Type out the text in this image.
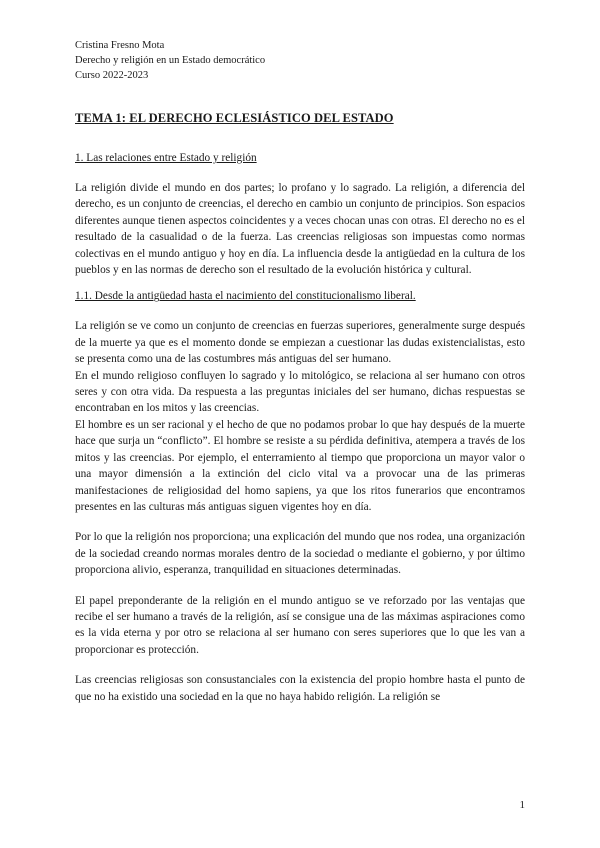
Cristina Fresno Mota
Derecho y religión en un Estado democrático
Curso 2022-2023
TEMA 1: EL DERECHO ECLESIÁSTICO DEL ESTADO
1. Las relaciones entre Estado y religión

La religión divide el mundo en dos partes; lo profano y lo sagrado. La religión, a diferencia del derecho, es un conjunto de creencias, el derecho en cambio un conjunto de principios. Son espacios diferentes aunque tienen aspectos coincidentes y a veces chocan unas con otras. El derecho no es el resultado de la casualidad o de la fuerza. Las creencias religiosas son impuestas como normas colectivas en el mundo antiguo y hoy en día. La influencia desde la antigüedad en la cultura de los pueblos y en las normas de derecho son el resultado de la evolución histórica y cultural.

1.1. Desde la antigüedad hasta el nacimiento del constitucionalismo liberal.

La religión se ve como un conjunto de creencias en fuerzas superiores, generalmente surge después de la muerte ya que es el momento donde se empiezan a cuestionar las dudas existencialistas, esto se presenta como una de las costumbres más antiguas del ser humano.

En el mundo religioso confluyen lo sagrado y lo mitológico, se relaciona al ser humano con otros seres y con otra vida. Da respuesta a las preguntas iniciales del ser humano, dichas respuestas se encontraban en los mitos y las creencias.

El hombre es un ser racional y el hecho de que no podamos probar lo que hay después de la muerte hace que surja un “conflicto”. El hombre se resiste a su pérdida definitiva, atempera a través de los mitos y las creencias. Por ejemplo, el enterramiento al tiempo que proporciona un mayor valor o una mayor dimensión a la extinción del ciclo vital va a provocar una de las primeras manifestaciones de religiosidad del homo sapiens, ya que los ritos funerarios que encontramos presentes en las culturas más antiguas siguen vigentes hoy en día.

Por lo que la religión nos proporciona; una explicación del mundo que nos rodea, una organización de la sociedad creando normas morales dentro de la sociedad o mediante el gobierno, y por último proporciona alivio, esperanza, tranquilidad en situaciones determinadas.

El papel preponderante de la religión en el mundo antiguo se ve reforzado por las ventajas que recibe el ser humano a través de la religión, así se consigue una de las máximas aspiraciones como es la vida eterna y por otro se relaciona al ser humano con seres superiores que lo que les van a proporcionar es protección.

Las creencias religiosas son consustanciales con la existencia del propio hombre hasta el punto de que no ha existido una sociedad en la que no haya habido religión. La religión se

1
